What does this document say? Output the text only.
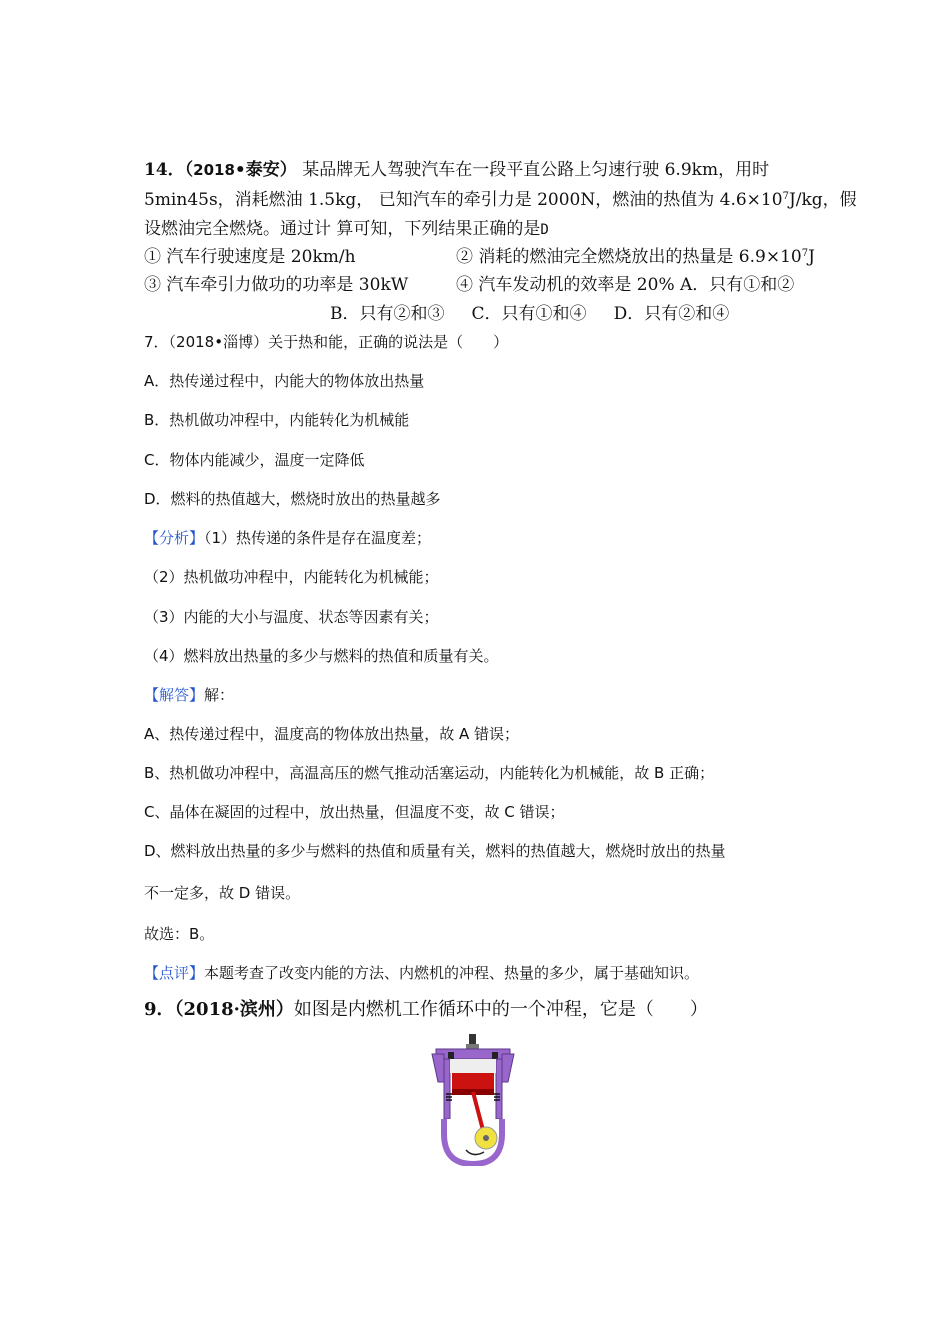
14．（2018•泰安） 某品牌无人驾驶汽车在一段平直公路上匀速行驶 6.9km，用时
5min45s，消耗燃油 1.5kg， 已知汽车的牵引力是 2000N，燃油的热值为 $4.6\times 10^7J/kg$，假
设燃油完全燃烧。通过计 算可知，下列结果正确的是D
① 汽车行驶速度是 20km/h	② 消耗的燃油完全燃烧放出的热量是 $6.9\times 10^7J$
③ 汽车牵引力做功的功率是 30kW	④ 汽车发动机的效率是 20% A．只有①和②
B．只有②和③ C．只有①和④ D．只有②和④
7．（2018•淄博）关于热和能，正确的说法是（　　）
A．热传递过程中，内能大的物体放出热量
B．热机做功冲程中，内能转化为机械能
C．物体内能减少，温度一定降低
D．燃料的热值越大，燃烧时放出的热量越多
【分析】（1）热传递的条件是存在温度差；
（2）热机做功冲程中，内能转化为机械能；
（3）内能的大小与温度、状态等因素有关；
（4）燃料放出热量的多少与燃料的热值和质量有关。
【解答】解：
A、热传递过程中，温度高的物体放出热量，故 A 错误；
B、热机做功冲程中，高温高压的燃气推动活塞运动，内能转化为机械能，故 B 正确；
C、晶体在凝固的过程中，放出热量，但温度不变，故 C 错误；
D、燃料放出热量的多少与燃料的热值和质量有关，燃料的热值越大，燃烧时放出的热量
不一定多，故 D 错误。
故选：B。
【点评】本题考查了改变内能的方法、内燃机的冲程、热量的多少，属于基础知识。
9．（2018·滨州）如图是内燃机工作循环中的一个冲程，它是（　　）
